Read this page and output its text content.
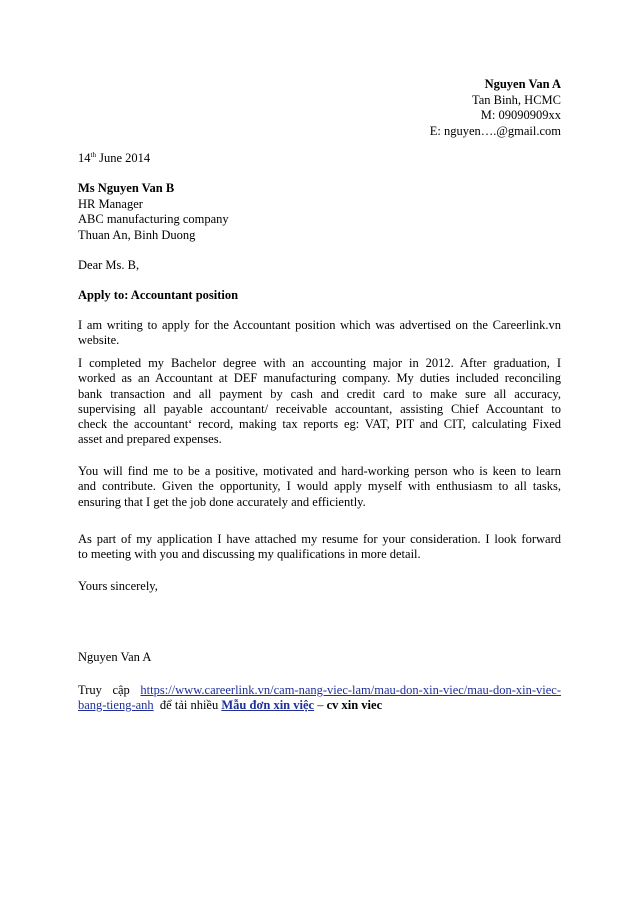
Nguyen Van A
Tan Binh, HCMC
M: 09090909xx
E: nguyen….@gmail.com
14th June 2014
Ms Nguyen Van B
HR Manager
ABC manufacturing company
Thuan An, Binh Duong
Dear Ms. B,
Apply to: Accountant position
I am writing to apply for the Accountant position which was advertised on the Careerlink.vn
website.
I completed my Bachelor degree with an accounting major in 2012. After graduation, I
worked as an Accountant at DEF manufacturing company. My duties included reconciling
bank transaction and all payment by cash and credit card to make sure all accuracy,
supervising all payable accountant/ receivable accountant, assisting Chief Accountant to
check the accountant‘ record, making tax reports eg: VAT, PIT and CIT, calculating Fixed
asset and prepared expenses.
You will find me to be a positive, motivated and hard-working person who is keen to learn
and contribute. Given the opportunity, I would apply myself with enthusiasm to all tasks,
ensuring that I get the job done accurately and efficiently.
As part of my application I have attached my resume for your consideration. I look forward
to meeting with you and discussing my qualifications in more detail.
Yours sincerely,
Nguyen Van A
Truy cập https://www.careerlink.vn/cam-nang-viec-lam/mau-don-xin-viec/mau-don-xin-viec-
bang-tieng-anh  để tải nhiều Mẫu đơn xin việc – cv xin viec
